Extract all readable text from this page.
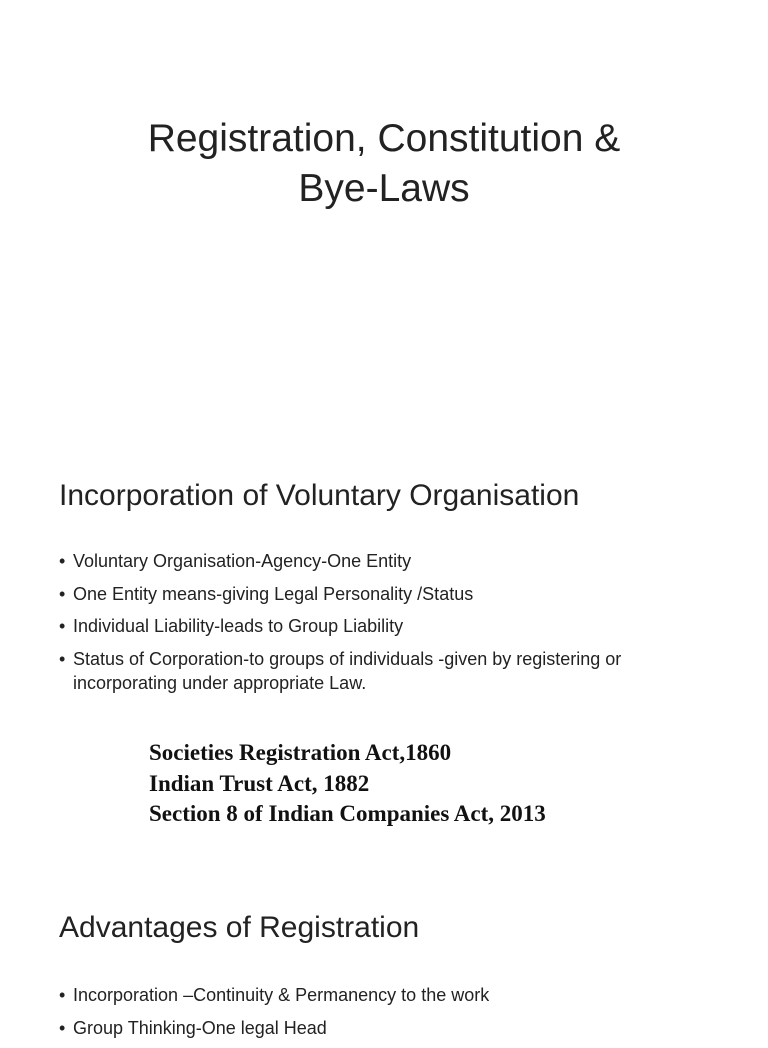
Registration, Constitution &
Bye-Laws
Incorporation of Voluntary Organisation
• Voluntary Organisation-Agency-One Entity
• One Entity means-giving Legal Personality /Status
• Individual Liability-leads to Group Liability
• Status of Corporation-to groups of individuals -given by registering or incorporating under appropriate Law.
Societies Registration Act,1860
Indian Trust Act, 1882
Section 8 of Indian Companies Act, 2013
Advantages of Registration
• Incorporation –Continuity & Permanency to the work
• Group Thinking-One legal Head
